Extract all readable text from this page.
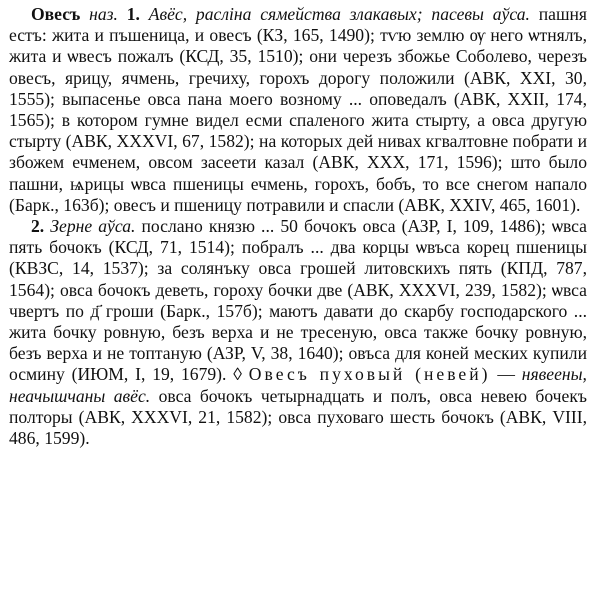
Овесъ наз. 1. Авёс, расліна сямейства злакавых; пасевы аўса. пашня естъ: жита и пъшеница, и овесъ (КЗ, 165, 1490); тѵю землю ѹ него ѡтнялъ, жита и ѡвесъ пожалъ (КСД, 35, 1510); они черезъ збожье Соболево, черезъ овесъ, ярицу, ячмень, гречиху, горохъ дорогу положили (АВК, XXI, 30, 1555); выпасенье овса пана моего возному ... оповедалъ (АВК, XXII, 174, 1565); в котором гумне видел есми спаленого жита стырту, а овса другую стырту (АВК, XXXVI, 67, 1582); на которых дей нивах кгвалтовне побрати и збожем ечменем, овсом засеети казал (АВК, XXX, 171, 1596); што было пашни, ѩрицы ѡвса пшеницы ечмень, горохъ, бобъ, то все снегом напало (Барк., 163б); овесъ и пшеницу потравили и спасли (АВК, XXIV, 465, 1601).

2. Зерне аўса. послано князю ... 50 бочокъ овса (АЗР, I, 109, 1486); ѡвса пять бочокъ (КСД, 71, 1514); побралъ ... два корцы ѡвъса корец пшеницы (КВЗС, 14, 1537); за солянъку овса грошей литовскихъ пять (КПД, 787, 1564); овса бочокъ деветь, гороху бочки две (АВК, XXXVI, 239, 1582); ѡвса чвертъ по д҃ гроши (Барк., 157б); маютъ давати до скарбу господарского ... жита бочку ровную, безъ верха и не тресеную, овса также бочку ровную, безъ верха и не топтаную (АЗР, V, 38, 1640); овъса для коней меских купили осмину (ИЮМ, I, 19, 1679). ◊ Овесъ пуховый (невей) — нявеены, неачышчаны авёс. овса бочокъ четырнадцать и полъ, овса невею бочекъ полторы (АВК, XXXVI, 21, 1582); овса пуховаго шесть бочокъ (АВК, VIII, 486, 1599).
